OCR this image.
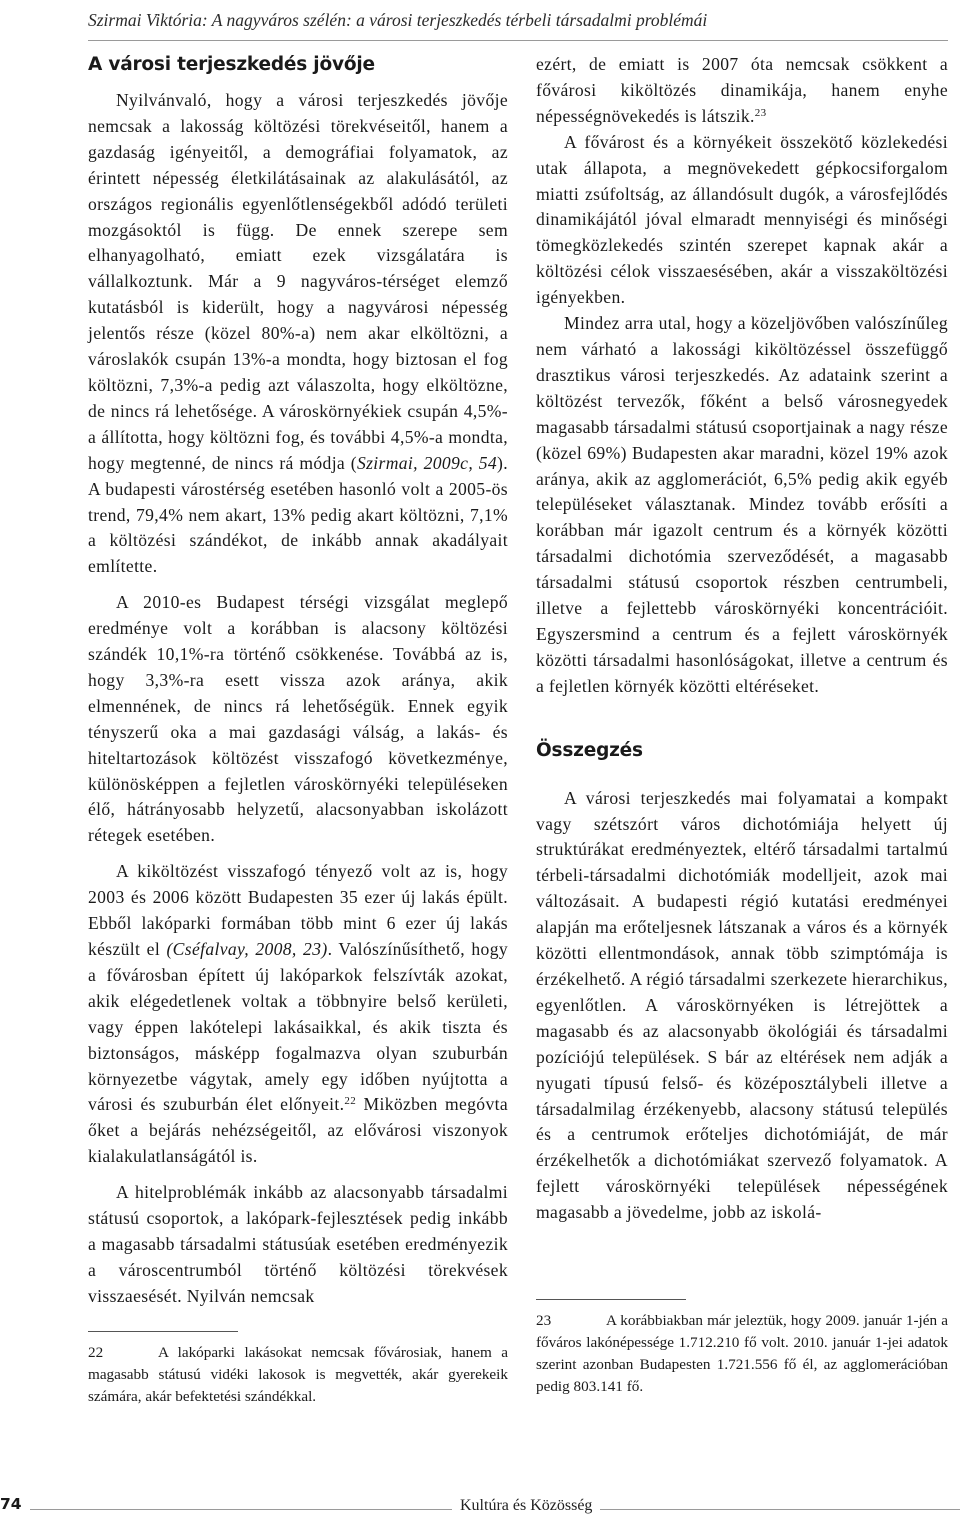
Szirmai Viktória: A nagyváros szélén: a városi terjeszkedés térbeli társadalmi problémái
A városi terjeszkedés jövője

Nyilvánvaló, hogy a városi terjeszkedés jövője nemcsak a lakosság költözési törekvéseitől, hanem a gazdaság igényeitől, a demográfiai folyamatok, az érintett népesség életkilátásainak az alakulásától, az országos regionális egyenlőtlenségekből adódó területi mozgásoktól is függ. De ennek szerepe sem elhanyagolható, emiatt ezek vizsgálatára is vállalkoztunk. Már a 9 nagyváros-térséget elemző kutatásból is kiderült, hogy a nagyvárosi népesség jelentős része (közel 80%-a) nem akar elköltözni, a városlakók csupán 13%-a mondta, hogy biztosan el fog költözni, 7,3%-a pedig azt válaszolta, hogy elköltözne, de nincs rá lehetősége. A városkörnyékiek csupán 4,5%-a állította, hogy költözni fog, és további 4,5%-a mondta, hogy megtenné, de nincs rá módja (Szirmai, 2009c, 54). A budapesti várostérség esetében hasonló volt a 2005-ös trend, 79,4% nem akart, 13% pedig akart költözni, 7,1% a költözési szándékot, de inkább annak akadályait említette.

A 2010-es Budapest térségi vizsgálat meglepő eredménye volt a korábban is alacsony költözési szándék 10,1%-ra történő csökkenése. Továbbá az is, hogy 3,3%-ra esett vissza azok aránya, akik elmennének, de nincs rá lehetőségük. Ennek egyik tényszerű oka a mai gazdasági válság, a lakás- és hiteltartozások költözést visszafogó következménye, különösképpen a fejletlen városkörnyéki településeken élő, hátrányosabb helyzetű, alacsonyabban iskolázott rétegek esetében.

A kiköltözést visszafogó tényező volt az is, hogy 2003 és 2006 között Budapesten 35 ezer új lakás épült. Ebből lakóparki formában több mint 6 ezer új lakás készült el (Cséfalvay, 2008, 23). Valószínűsíthető, hogy a fővárosban épített új lakóparkok felszívták azokat, akik elégedetlenek voltak a többnyire belső kerületi, vagy éppen lakótelepi lakásaikkal, és akik tiszta és biztonságos, másképp fogalmazva olyan szuburbán környezetbe vágytak, amely egy időben nyújtotta a városi és szuburbán élet előnyeit.$^{22}$ Miközben megóvta őket a bejárás nehézségeitől, az elővárosi viszonyok kialakulatlanságától is.

A hitelproblémák inkább az alacsonyabb társadalmi státusú csoportok, a lakópark-fejlesztések pedig inkább a magasabb társadalmi státusúak esetében eredményezik a városcentrumból történő költözési törekvések visszaesését. Nyilván nemcsak

ezért, de emiatt is 2007 óta nemcsak csökkent a fővárosi kiköltözés dinamikája, hanem enyhe népességnövekedés is látszik.$^{23}$

A fővárost és a környékeit összekötő közlekedési utak állapota, a megnövekedett gépkocsiforgalom miatti zsúfoltság, az állandósult dugók, a városfejlődés dinamikájától jóval elmaradt mennyiségi és minőségi tömegközlekedés szintén szerepet kapnak akár a költözési célok visszaesésében, akár a visszaköltözési igényekben.

Mindez arra utal, hogy a közeljövőben valószínűleg nem várható a lakossági kiköltözéssel összefüggő drasztikus városi terjeszkedés. Az adataink szerint a költözést tervezők, főként a belső városnegyedek magasabb társadalmi státusú csoportjainak a nagy része (közel 69%) Budapesten akar maradni, közel 19% azok aránya, akik az agglomerációt, 6,5% pedig akik egyéb településeket választanak. Mindez tovább erősíti a korábban már igazolt centrum és a környék közötti társadalmi dichotómia szerveződését, a magasabb társadalmi státusú csoportok részben centrumbeli, illetve a fejlettebb városkörnyéki koncentrációit. Egyszersmind a centrum és a fejlett városkörnyék közötti társadalmi hasonlóságokat, illetve a centrum és a fejletlen környék közötti eltéréseket.

Összegzés

A városi terjeszkedés mai folyamatai a kompakt vagy szétszórt város dichotómiája helyett új struktúrákat eredményeztek, eltérő társadalmi tartalmú térbeli-társadalmi dichotómiák modelljeit, azok mai változásait. A budapesti régió kutatási eredményei alapján ma erőteljesnek látszanak a város és a környék közötti ellentmondások, annak több szimptómája is érzékelhető. A régió társadalmi szerkezete hierarchikus, egyenlőtlen. A városkörnyéken is létrejöttek a magasabb és az alacsonyabb ökológiái és társadalmi pozíciójú települések. S bár az eltérések nem adják a nyugati típusú felső- és középosztálybeli illetve a társadalmilag érzékenyebb, alacsony státusú település és a centrumok erőteljes dichotómiáját, de már érzékelhetők a dichotómiákat szervező folyamatok. A fejlett városkörnyéki települések népességének magasabb a jövedelme, jobb az iskolá-

22	A lakóparki lakásokat nemcsak fővárosiak, hanem a magasabb státusú vidéki lakosok is megvették, akár gyerekeik számára, akár befektetési szándékkal.

23	A korábbiakban már jeleztük, hogy 2009. január 1-jén a főváros lakónépessége 1.712.210 fő volt. 2010. január 1-jei adatok szerint azonban Budapesten 1.721.556 fő él, az agglomerációban pedig 803.141 fő.

74	Kultúra és Közösség
